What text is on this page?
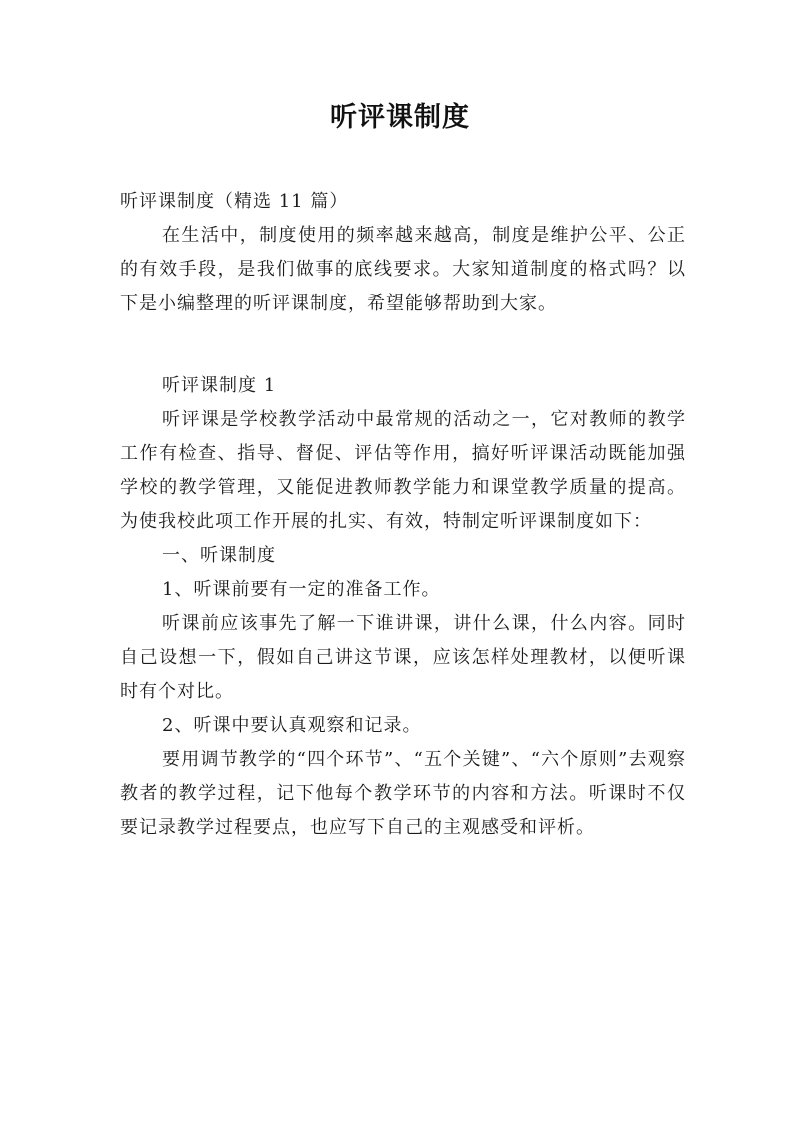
听评课制度

听评课制度（精选 11 篇）

在生活中，制度使用的频率越来越高，制度是维护公平、公正的有效手段，是我们做事的底线要求。大家知道制度的格式吗？以下是小编整理的听评课制度，希望能够帮助到大家。

听评课制度 1

听评课是学校教学活动中最常规的活动之一，它对教师的教学工作有检查、指导、督促、评估等作用，搞好听评课活动既能加强学校的教学管理，又能促进教师教学能力和课堂教学质量的提高。为使我校此项工作开展的扎实、有效，特制定听评课制度如下：

一、听课制度

1、听课前要有一定的准备工作。

听课前应该事先了解一下谁讲课，讲什么课，什么内容。同时自己设想一下，假如自己讲这节课，应该怎样处理教材，以便听课时有个对比。

2、听课中要认真观察和记录。

要用调节教学的“四个环节”、“五个关键”、“六个原则”去观察教者的教学过程，记下他每个教学环节的内容和方法。听课时不仅要记录教学过程要点，也应写下自己的主观感受和评析。
